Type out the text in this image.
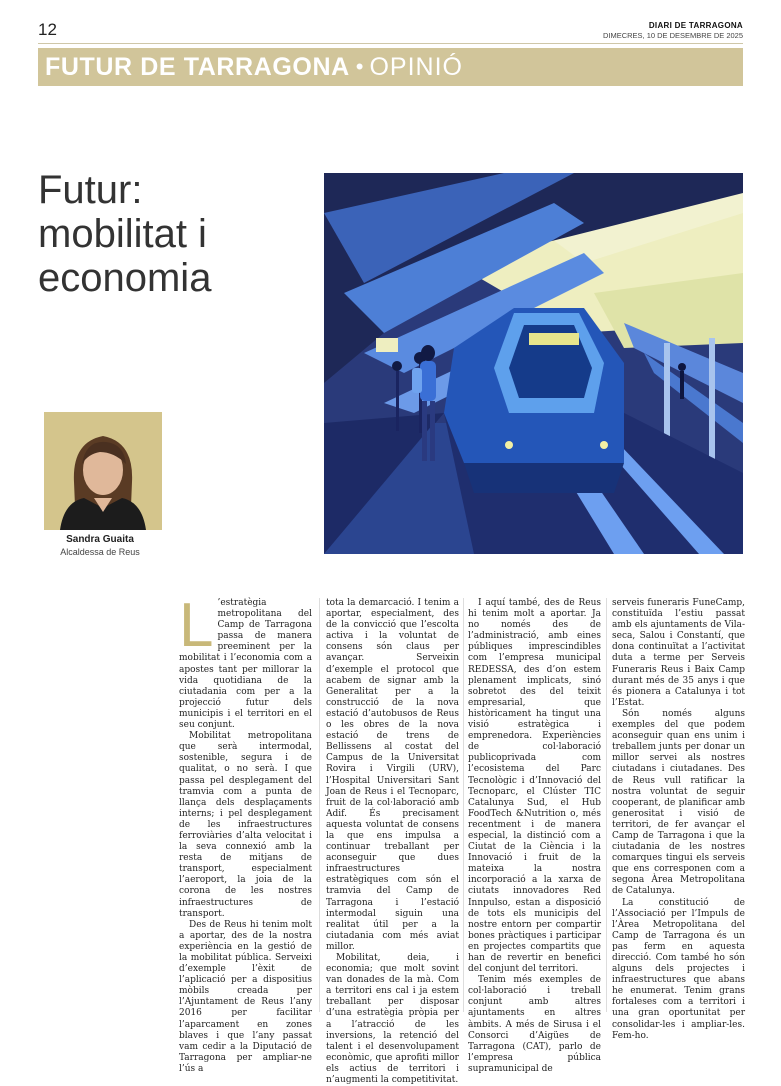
12	DIARI DE TARRAGONA
DIMECRES, 10 DE DESEMBRE DE 2025
FUTUR DE TARRAGONA • OPINIÓ
Futur:
mobilitat i
economia
Sandra Guaita
Alcaldessa de Reus
L ’estratègia metropolitana del Camp de Tarragona passa de manera preeminent per la mobilitat i l’economia com a apostes tant per millorar la vida quotidiana de la ciutadania com per a la projecció futur dels municipis i el territori en el seu conjunt.

Mobilitat metropolitana que serà intermodal, sostenible, segura i de qualitat, o no serà. I que passa pel desplegament del tramvia com a punta de llança dels desplaçaments interns; i pel desplegament de les infraestructures ferroviàries d’alta velocitat i la seva connexió amb la resta de mitjans de transport, especialment l’aeroport, la joia de la corona de les nostres infraestructures de transport.

Des de Reus hi tenim molt a aportar, des de la nostra experiència en la gestió de la mobilitat pública. Serveixi d’exemple l’èxit de l’aplicació per a dispositius mòbils creada per l’Ajuntament de Reus l’any 2016 per facilitar l’aparcament en zones blaves i que l’any passat vam cedir a la Diputació de Tarragona per ampliar-ne l’ús a

tota la demarcació. I tenim a aportar, especialment, des de la convicció que l’escolta activa i la voluntat de consens són claus per avançar. Serveixin d’exemple el protocol que acabem de signar amb la Generalitat per a la construcció de la nova estació d’autobusos de Reus o les obres de la nova estació de trens de Bellissens al costat del Campus de la Universitat Rovira i Virgili (URV), l’Hospital Universitari Sant Joan de Reus i el Tecnoparc, fruit de la col·laboració amb Adif. És precisament aquesta voluntat de consens la que ens impulsa a continuar treballant per aconseguir que dues infraestructures estratègiques com són el tramvia del Camp de Tarragona i l’estació intermodal siguin una realitat útil per a la ciutadania com més aviat millor.

Mobilitat, deia, i economia; que molt sovint van donades de la mà. Com a territori ens cal i ja estem treballant per disposar d’una estratègia pròpia per a l’atracció de les inversions, la retenció del talent i el desenvolupament econòmic, que aprofiti millor els actius de territori i n’augmenti la competitivitat.

I aquí també, des de Reus hi tenim molt a aportar. Ja no només des de l’administració, amb eines públiques imprescindibles com l’empresa municipal REDESSA, des d’on estem plenament implicats, sinó sobretot des del teixit empresarial, que històricament ha tingut una visió estratègica i emprenedora. Experiències de col·laboració publicoprivada com l’ecosistema del Parc Tecnològic i d’Innovació del Tecnoparc, el Clúster TIC Catalunya Sud, el Hub FoodTech &Nutrition o, més recentment i de manera especial, la distinció com a Ciutat de la Ciència i la Innovació i fruit de la mateixa la nostra incorporació a la xarxa de ciutats innovadores Red Innpulso, estan a disposició de tots els municipis del nostre entorn per compartir bones pràctiques i participar en projectes compartits que han de revertir en benefici del conjunt del territori.

Tenim més exemples de col·laboració i treball conjunt amb altres ajuntaments en altres àmbits. A més de Sirusa i el Consorci d’Aigües de Tarragona (CAT), parlo de l’empresa pública supramunicipal de

serveis funeraris FuneCamp, constituïda l’estiu passat amb els ajuntaments de Vila-seca, Salou i Constantí, que dona continuïtat a l’activitat duta a terme per Serveis Funeraris Reus i Baix Camp durant més de 35 anys i que és pionera a Catalunya i tot l’Estat.

Són només alguns exemples del que podem aconseguir quan ens unim i treballem junts per donar un millor servei als nostres ciutadans i ciutadanes. Des de Reus vull ratificar la nostra voluntat de seguir cooperant, de planificar amb generositat i visió de territori, de fer avançar el Camp de Tarragona i que la ciutadania de les nostres comarques tingui els serveis que ens corresponen com a segona Àrea Metropolitana de Catalunya.

La constitució de l’Associació per l’Impuls de l’Àrea Metropolitana del Camp de Tarragona és un pas ferm en aquesta direcció. Com també ho són alguns dels projectes i infraestructures que abans he enumerat. Tenim grans fortaleses com a territori i una gran oportunitat per consolidar-les i ampliar-les. Fem-ho.
